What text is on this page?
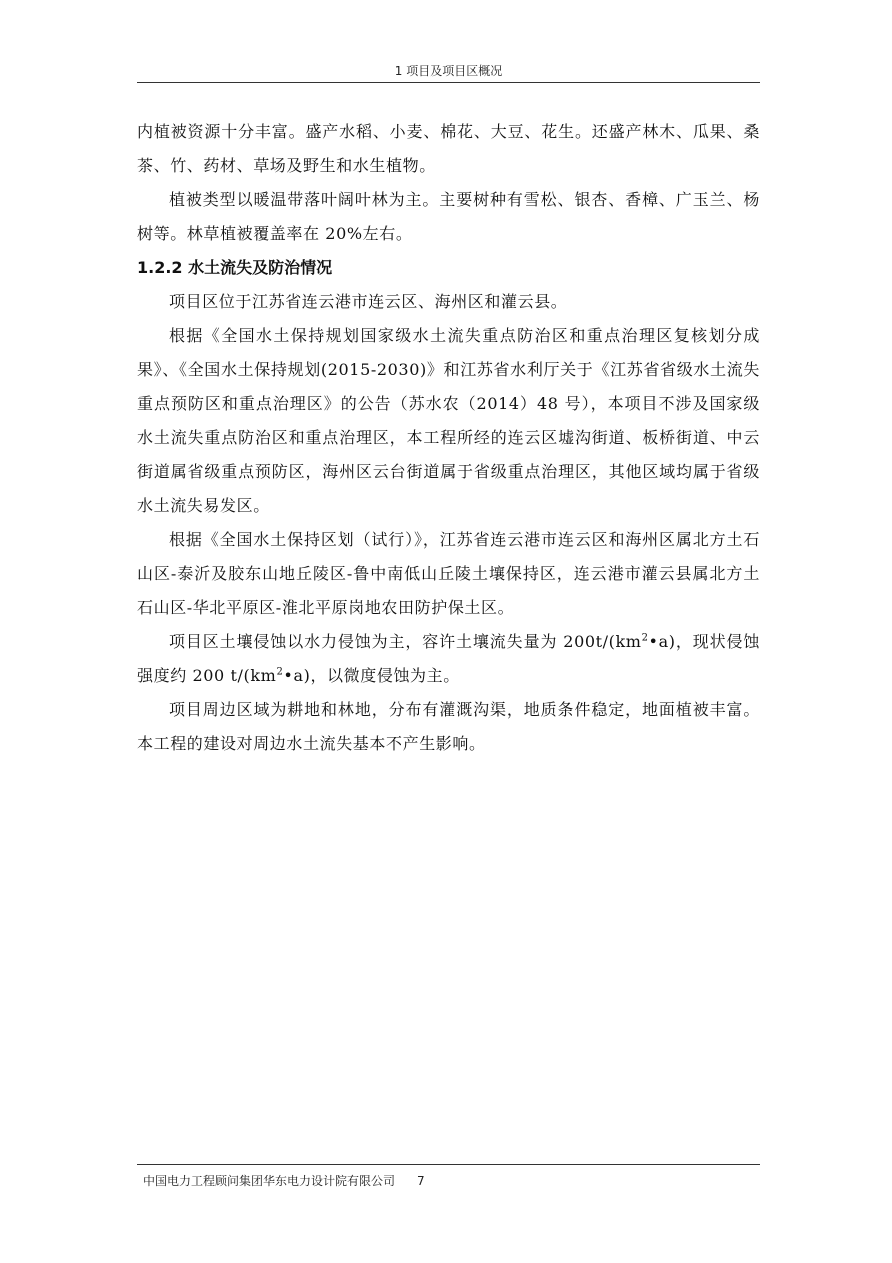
1 项目及项目区概况

内植被资源十分丰富。盛产水稻、小麦、棉花、大豆、花生。还盛产林木、瓜果、桑茶、竹、药材、草场及野生和水生植物。

植被类型以暖温带落叶阔叶林为主。主要树种有雪松、银杏、香樟、广玉兰、杨树等。林草植被覆盖率在 20%左右。

1.2.2 水土流失及防治情况

项目区位于江苏省连云港市连云区、海州区和灌云县。

根据《全国水土保持规划国家级水土流失重点防治区和重点治理区复核划分成果》、《全国水土保持规划(2015-2030)》和江苏省水利厅关于《江苏省省级水土流失重点预防区和重点治理区》的公告（苏水农（2014）48 号），本项目不涉及国家级水土流失重点防治区和重点治理区，本工程所经的连云区墟沟街道、板桥街道、中云街道属省级重点预防区，海州区云台街道属于省级重点治理区，其他区域均属于省级水土流失易发区。

根据《全国水土保持区划（试行）》，江苏省连云港市连云区和海州区属北方土石山区-泰沂及胶东山地丘陵区-鲁中南低山丘陵土壤保持区，连云港市灌云县属北方土石山区-华北平原区-淮北平原岗地农田防护保土区。

项目区土壤侵蚀以水力侵蚀为主，容许土壤流失量为 $200t/(km^2•a)$，现状侵蚀强度约 200 $t/(km^2•a)$，以微度侵蚀为主。

项目周边区域为耕地和林地，分布有灌溉沟渠，地质条件稳定，地面植被丰富。本工程的建设对周边水土流失基本不产生影响。

中国电力工程顾问集团华东电力设计院有限公司 7
